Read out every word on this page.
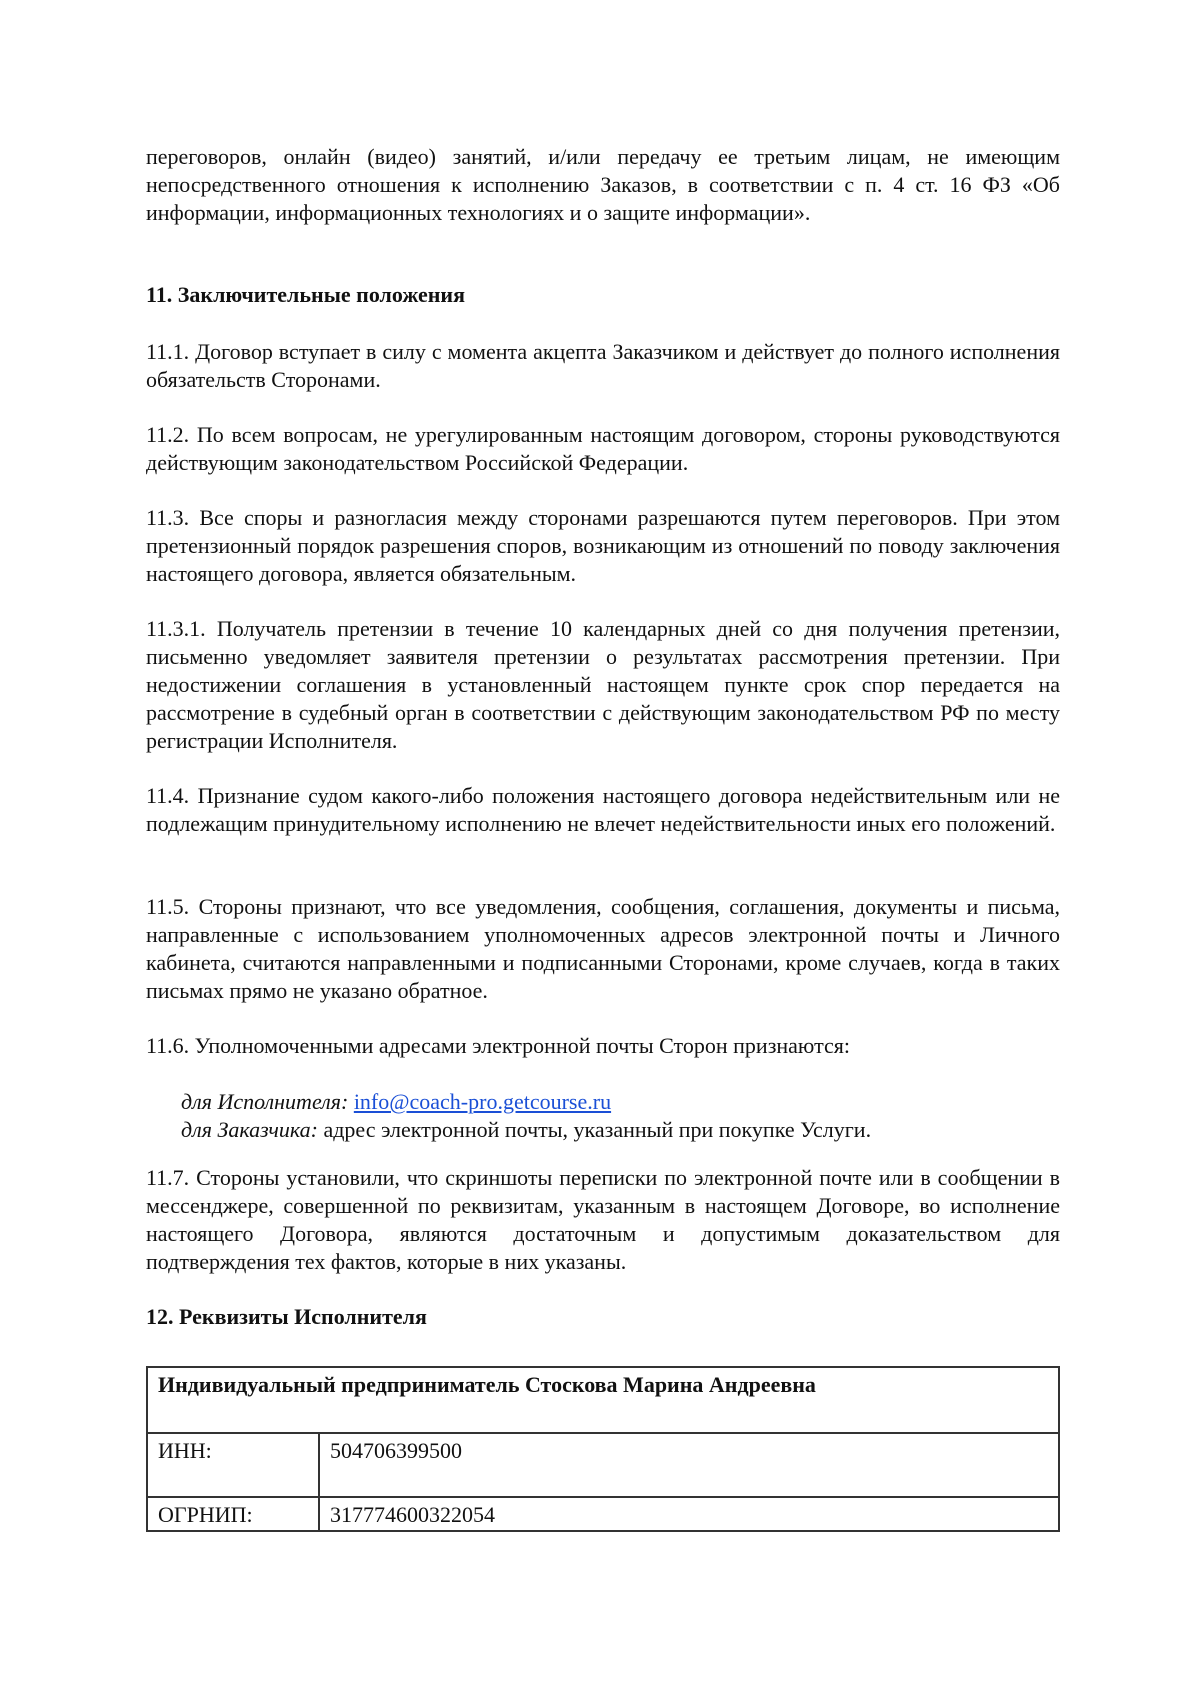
переговоров, онлайн (видео) занятий, и/или передачу ее третьим лицам, не имеющим непосредственного отношения к исполнению Заказов, в соответствии с п. 4 ст. 16 ФЗ «Об информации, информационных технологиях и о защите информации».

11. Заключительные положения

11.1. Договор вступает в силу с момента акцепта Заказчиком и действует до полного исполнения обязательств Сторонами.

11.2. По всем вопросам, не урегулированным настоящим договором, стороны руководствуются действующим законодательством Российской Федерации.

11.3. Все споры и разногласия между сторонами разрешаются путем переговоров. При этом претензионный порядок разрешения споров, возникающим из отношений по поводу заключения настоящего договора, является обязательным.

11.3.1. Получатель претензии в течение 10 календарных дней со дня получения претензии, письменно уведомляет заявителя претензии о результатах рассмотрения претензии. При недостижении соглашения в установленный настоящем пункте срок спор передается на рассмотрение в судебный орган в соответствии с действующим законодательством РФ по месту регистрации Исполнителя.

11.4. Признание судом какого-либо положения настоящего договора недействительным или не подлежащим принудительному исполнению не влечет недействительности иных его положений.

11.5. Стороны признают, что все уведомления, сообщения, соглашения, документы и письма, направленные с использованием уполномоченных адресов электронной почты и Личного кабинета, считаются направленными и подписанными Сторонами, кроме случаев, когда в таких письмах прямо не указано обратное.

11.6. Уполномоченными адресами электронной почты Сторон признаются:

для Исполнителя: info@coach-pro.getcourse.ru
для Заказчика: адрес электронной почты, указанный при покупке Услуги.

11.7. Стороны установили, что скриншоты переписки по электронной почте или в сообщении в мессенджере, совершенной по реквизитам, указанным в настоящем Договоре, во исполнение настоящего Договора, являются достаточным и допустимым доказательством для подтверждения тех фактов, которые в них указаны.

12. Реквизиты Исполнителя

Индивидуальный предприниматель Стоскова Марина Андреевна	
ИНН:	504706399500
ОГРНИП:	317774600322054
